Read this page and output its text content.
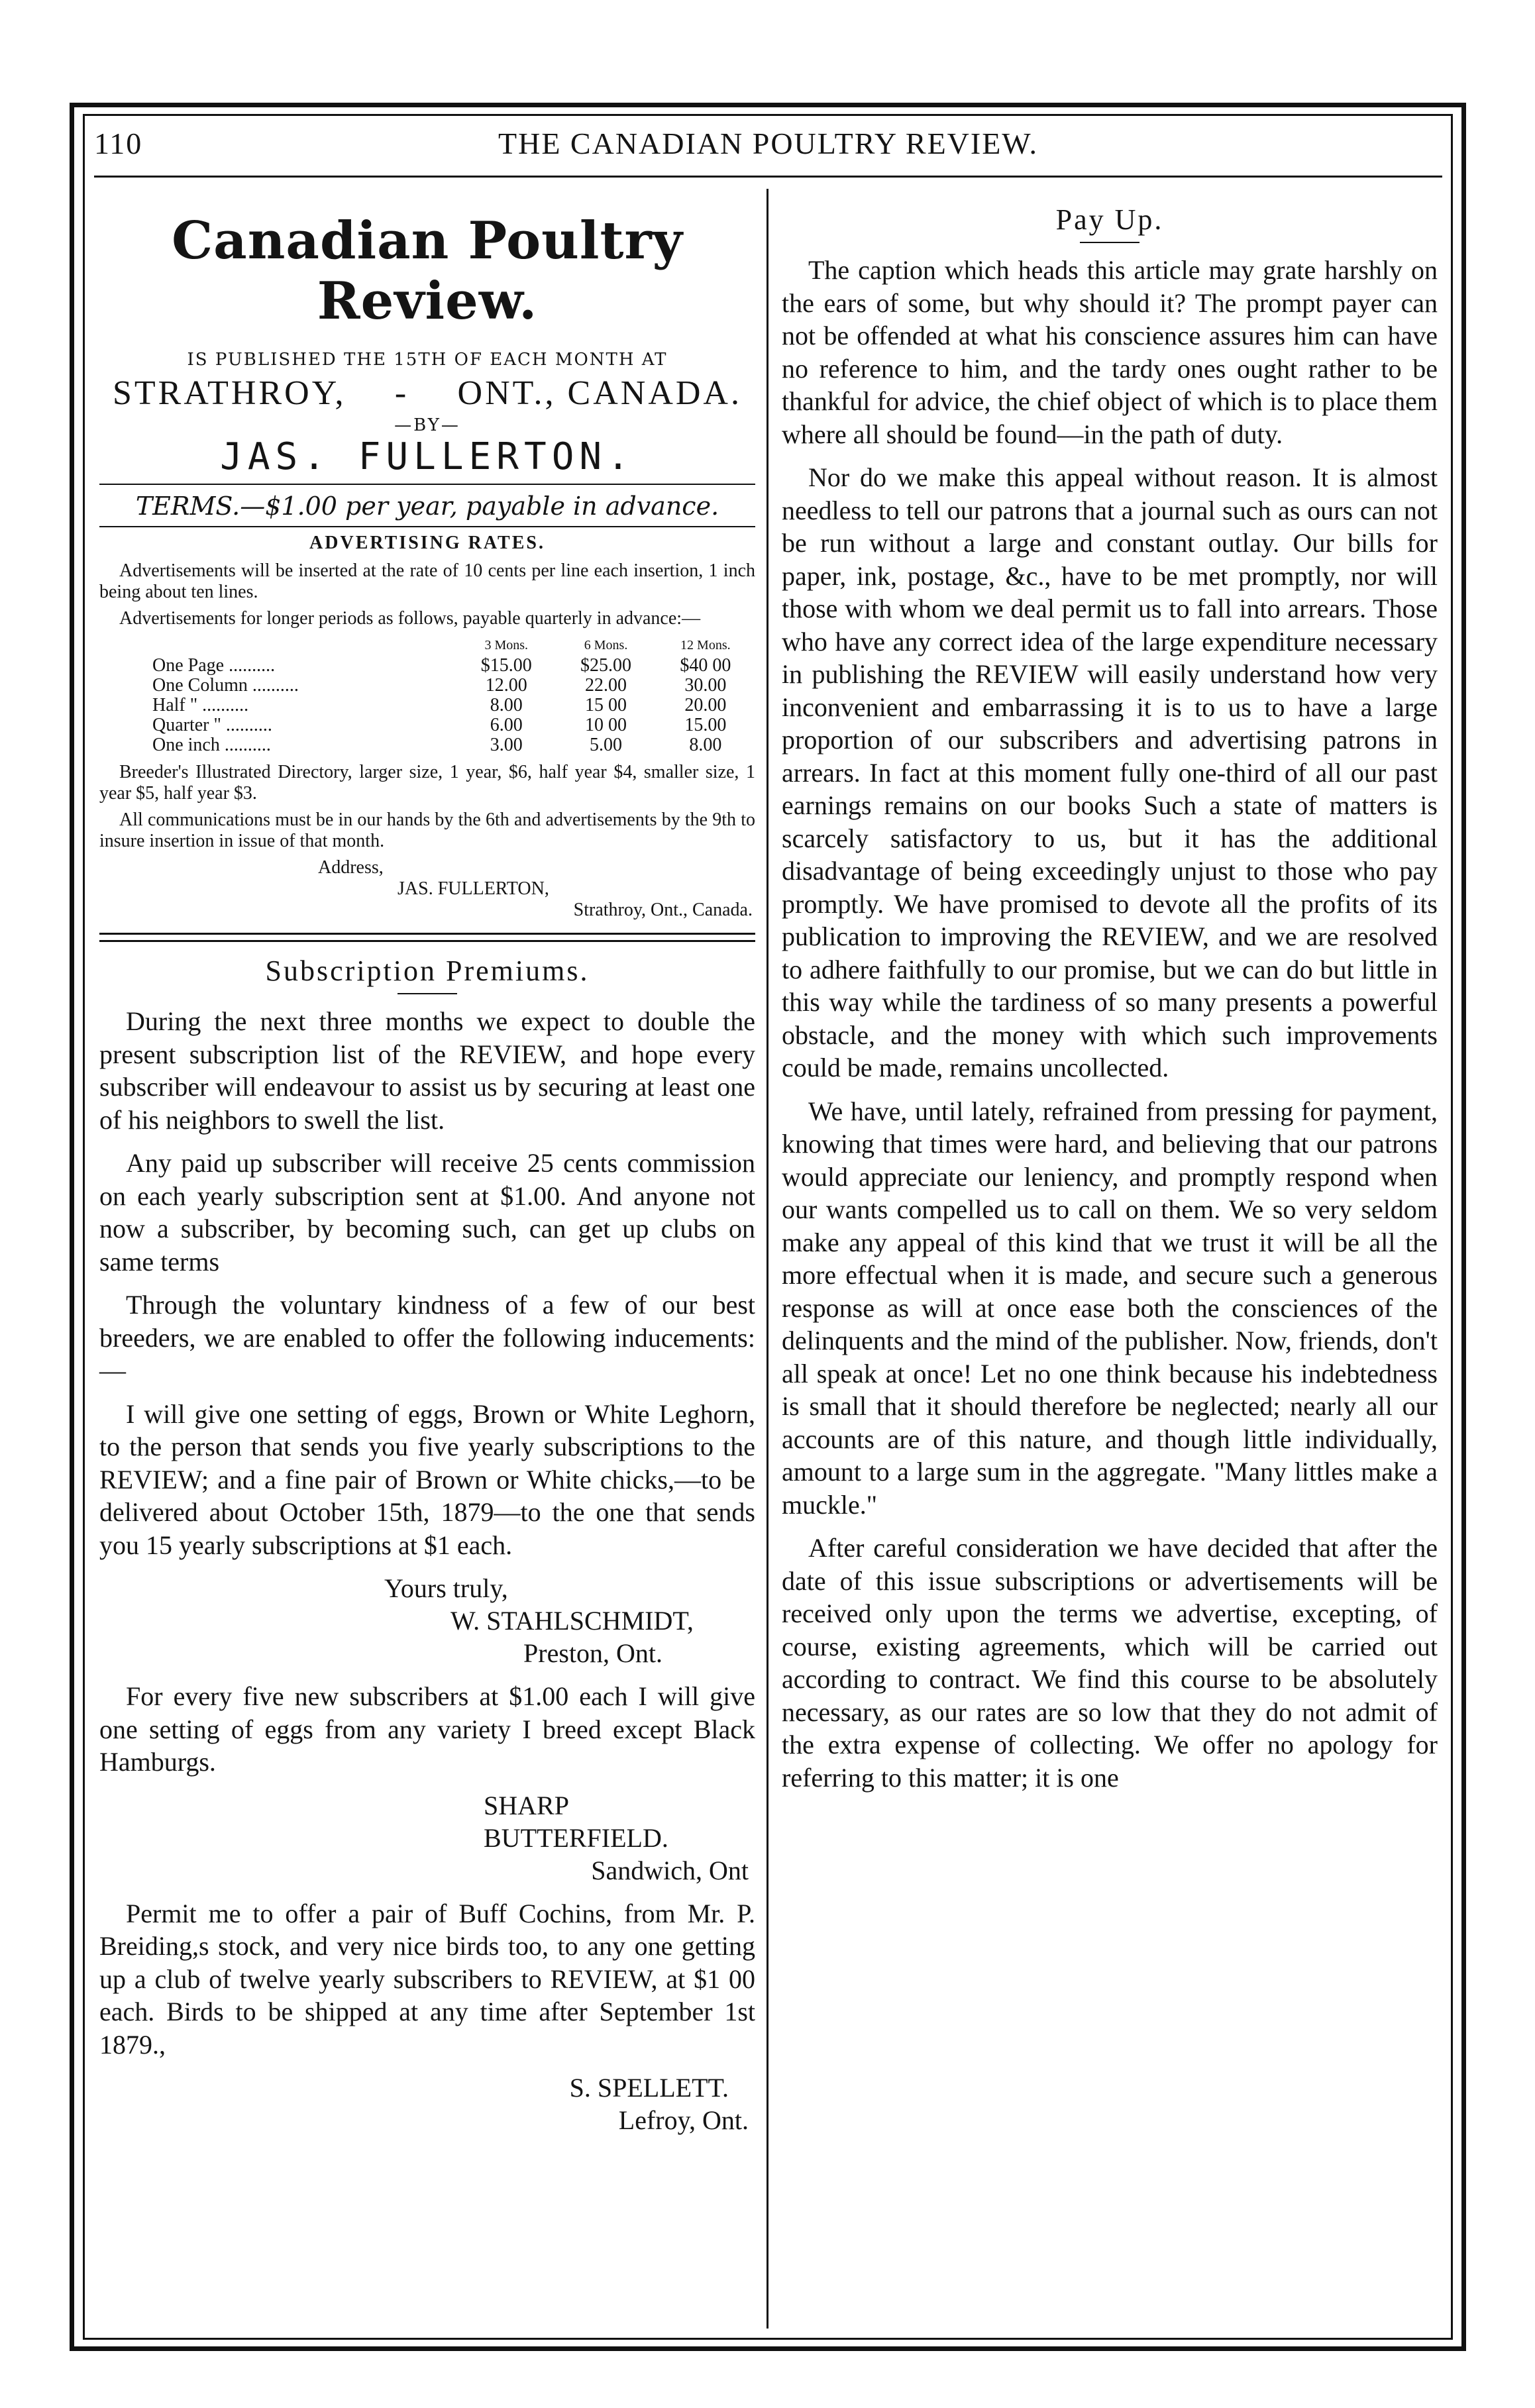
110	THE CANADIAN POULTRY REVIEW.
Canadian Poultry Review.
IS PUBLISHED THE 15TH OF EACH MONTH AT
STRATHROY, - ONT., CANADA.
—BY—
JAS. FULLERTON.
TERMS.—$1.00 per year, payable in advance.
ADVERTISING RATES.

Advertisements will be inserted at the rate of 10 cents per line each insertion, 1 inch being about ten lines.

Advertisements for longer periods as follows, payable quarterly in advance:—

	3 Mons.	6 Mons.	12 Mons.
One Page ..........	$15.00	$25.00	$40 00
One Column ..........	12.00	22.00	30.00
Half " ..........	8.00	15 00	20.00
Quarter " ..........	6.00	10 00	15.00
One inch ..........	3.00	5.00	8.00

Breeder's Illustrated Directory, larger size, 1 year, $6, half year $4, smaller size, 1 year $5, half year $3.

All communications must be in our hands by the 6th and advertisements by the 9th to insure insertion in issue of that month.

Address,
JAS. FULLERTON,
Strathroy, Ont., Canada.
Subscription Premiums.

During the next three months we expect to double the present subscription list of the REVIEW, and hope every subscriber will endeavour to assist us by securing at least one of his neighbors to swell the list.

Any paid up subscriber will receive 25 cents commission on each yearly subscription sent at $1.00. And anyone not now a subscriber, by becoming such, can get up clubs on same terms

Through the voluntary kindness of a few of our best breeders, we are enabled to offer the following inducements:—

I will give one setting of eggs, Brown or White Leghorn, to the person that sends you five yearly subscriptions to the REVIEW; and a fine pair of Brown or White chicks,—to be delivered about October 15th, 1879—to the one that sends you 15 yearly subscriptions at $1 each.

Yours truly,
W. STAHLSCHMIDT,
Preston, Ont.

For every five new subscribers at $1.00 each I will give one setting of eggs from any variety I breed except Black Hamburgs.

SHARP BUTTERFIELD.
Sandwich, Ont

Permit me to offer a pair of Buff Cochins, from Mr. P. Breiding,s stock, and very nice birds too, to any one getting up a club of twelve yearly subscribers to REVIEW, at $1 00 each. Birds to be shipped at any time after September 1st 1879.,

S. SPELLETT.
Lefroy, Ont.
Pay Up.

The caption which heads this article may grate harshly on the ears of some, but why should it? The prompt payer can not be offended at what his conscience assures him can have no reference to him, and the tardy ones ought rather to be thankful for advice, the chief object of which is to place them where all should be found—in the path of duty.

Nor do we make this appeal without reason. It is almost needless to tell our patrons that a journal such as ours can not be run without a large and constant outlay. Our bills for paper, ink, postage, &c., have to be met promptly, nor will those with whom we deal permit us to fall into arrears. Those who have any correct idea of the large expenditure necessary in publishing the REVIEW will easily understand how very inconvenient and embarrassing it is to us to have a large proportion of our subscribers and advertising patrons in arrears. In fact at this moment fully one-third of all our past earnings remains on our books Such a state of matters is scarcely satisfactory to us, but it has the additional disadvantage of being exceedingly unjust to those who pay promptly. We have promised to devote all the profits of its publication to improving the REVIEW, and we are resolved to adhere faithfully to our promise, but we can do but little in this way while the tardiness of so many presents a powerful obstacle, and the money with which such improvements could be made, remains uncollected.

We have, until lately, refrained from pressing for payment, knowing that times were hard, and believing that our patrons would appreciate our leniency, and promptly respond when our wants compelled us to call on them. We so very seldom make any appeal of this kind that we trust it will be all the more effectual when it is made, and secure such a generous response as will at once ease both the consciences of the delinquents and the mind of the publisher. Now, friends, don't all speak at once! Let no one think because his indebtedness is small that it should therefore be neglected; nearly all our accounts are of this nature, and though little individually, amount to a large sum in the aggregate. "Many littles make a muckle."

After careful consideration we have decided that after the date of this issue subscriptions or advertisements will be received only upon the terms we advertise, excepting, of course, existing agreements, which will be carried out according to contract. We find this course to be absolutely necessary, as our rates are so low that they do not admit of the extra expense of collecting. We offer no apology for referring to this matter; it is one
